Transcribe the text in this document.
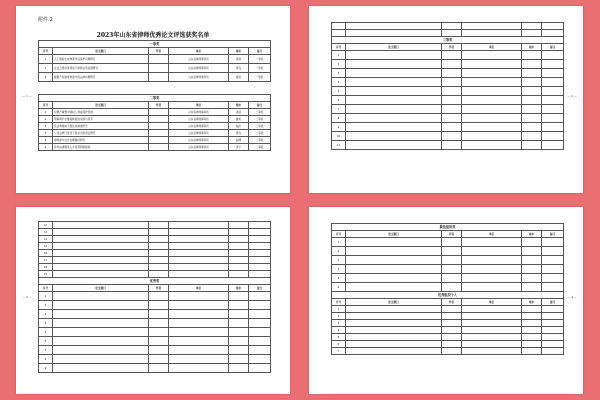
附件 2
2023年山东省律师优秀论文评选获奖名单
— 1 —
一等奖					
序号	论文题目	作者	单位	地市	备注
1	人工智能生成物著作权保护问题研究		山东省律师事务所	济南	一等奖
2	企业合规改革背景下律师业务拓展研究		山东省律师事务所	青岛	一等奖
3	数据产权制度构建中的法律问题研究		山东省律师事务所	烟台	一等奖
二等奖					
序号	论文题目	作者	单位	地市	备注
1	论破产重整中债权人利益保护机制		山东省律师事务所	济南	二等奖
2	刑事辩护全覆盖制度的实践与思考		山东省律师事务所	潍坊	二等奖
3	民法典视域下居住权制度研究		山东省律师事务所	临沂	二等奖
4	公司法修订背景下股东出资责任研究		山东省律师事务所	青岛	二等奖
5	律师参与社会治理路径研究		山东省律师事务所	淄博	二等奖
6	涉外法律服务人才培养机制探析		山东省律师事务所	济宁	二等奖
— 2 —

三等奖					
序号	论文题目	作者	单位	地市	备注
1					
2					
3					
4					
5					
6					
7					
8					
9					
10					
11					
— 3 —
12					
13					
14					
15					
16					
17					
18					
19					
优秀奖					
序号	论文题目	作者	单位	地市	备注
1					
2					
3					
4					
5					
6					
7					
8					
9					
— 4 —
最佳组织奖					
序号	论文题目	作者	单位	地市	备注
1					
2					
3					
4					
5					
6					
优秀组织个人					
序号	论文题目	作者	单位	地市	备注
1					
2					
3					
4					
5					
6					
7					
